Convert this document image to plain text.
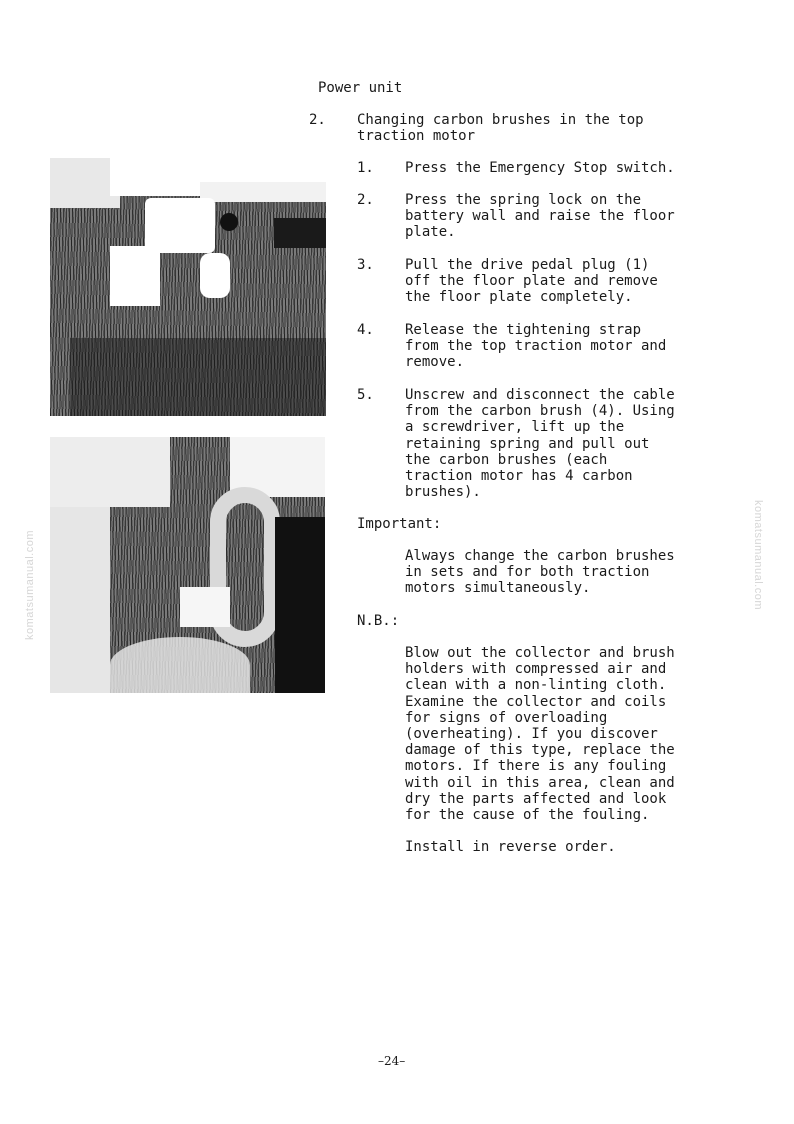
Power unit
2. Changing carbon brushes in the top
traction motor
1. Press the Emergency Stop switch.
2. Press the spring lock on the
battery wall and raise the floor
plate.
3. Pull the drive pedal plug (1)
off the floor plate and remove
the floor plate completely.
4. Release the tightening strap
from the top traction motor and
remove.
5. Unscrew and disconnect the cable
from the carbon brush (4). Using
a screwdriver, lift up the
retaining spring and pull out
the carbon brushes (each
traction motor has 4 carbon
brushes).
Important:
Always change the carbon brushes
in sets and for both traction
motors simultaneously.
N.B.:
Blow out the collector and brush
holders with compressed air and
clean with a non-linting cloth.
Examine the collector and coils
for signs of overloading
(overheating). If you discover
damage of this type, replace the
motors. If there is any fouling
with oil in this area, clean and
dry the parts affected and look
for the cause of the fouling.
Install in reverse order.
–24–
komatsumanual.com	komatsumanual.com
